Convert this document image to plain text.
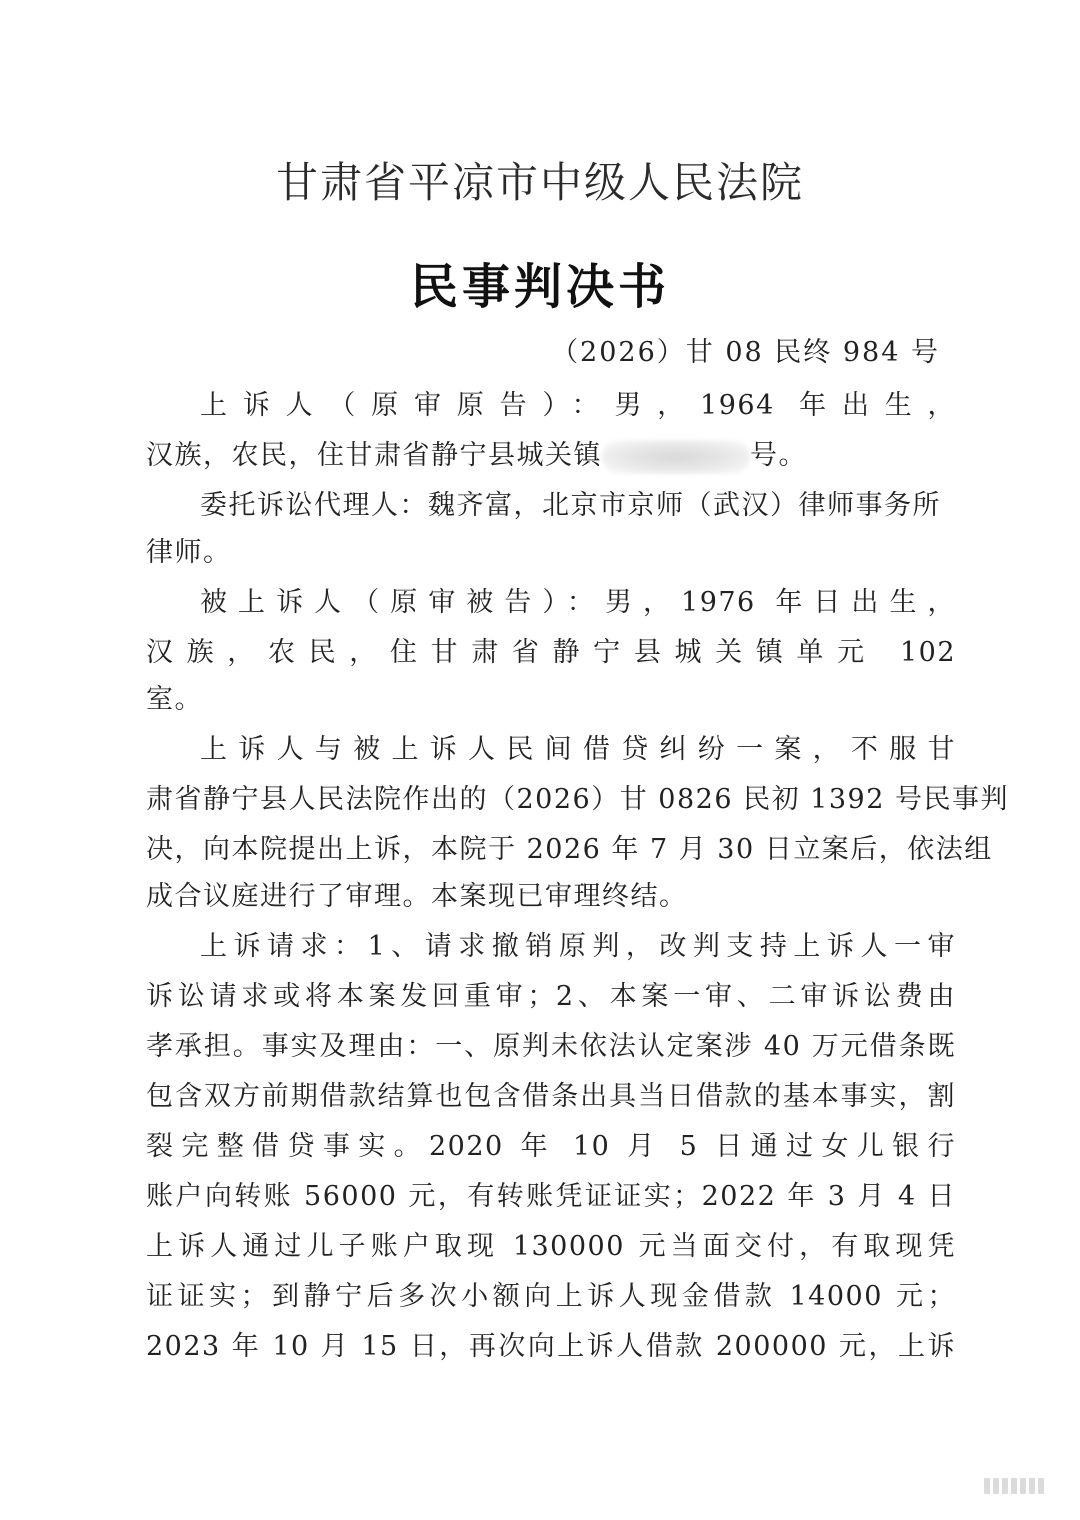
甘肃省平凉市中级人民法院
民事判决书
（2026）甘 08 民终 984 号
上诉人（原审原告）：男，1964 年出生，
汉族，农民，住甘肃省静宁县城关镇	号。
委托诉讼代理人：魏齐富，北京市京师（武汉）律师事务所
律师。
被上诉人（原审被告）：男，1976 年日出生，
汉族，农民，住甘肃省静宁县城关镇单元 102
室。
上诉人与被上诉人民间借贷纠纷一案，不服甘
肃省静宁县人民法院作出的（2026）甘 0826 民初 1392 号民事判
决，向本院提出上诉，本院于 2026 年 7 月 30 日立案后，依法组
成合议庭进行了审理。本案现已审理终结。
上诉请求：1、请求撤销原判，改判支持上诉人一审
诉讼请求或将本案发回重审；2、本案一审、二审诉讼费由
孝承担。事实及理由：一、原判未依法认定案涉 40 万元借条既
包含双方前期借款结算也包含借条出具当日借款的基本事实，割
裂完整借贷事实。2020 年 10 月 5 日通过女儿银行
账户向转账 56000 元，有转账凭证证实；2022 年 3 月 4 日
上诉人通过儿子账户取现 130000 元当面交付，有取现凭
证证实；到静宁后多次小额向上诉人现金借款 14000 元；
2023 年 10 月 15 日，再次向上诉人借款 200000 元，上诉
